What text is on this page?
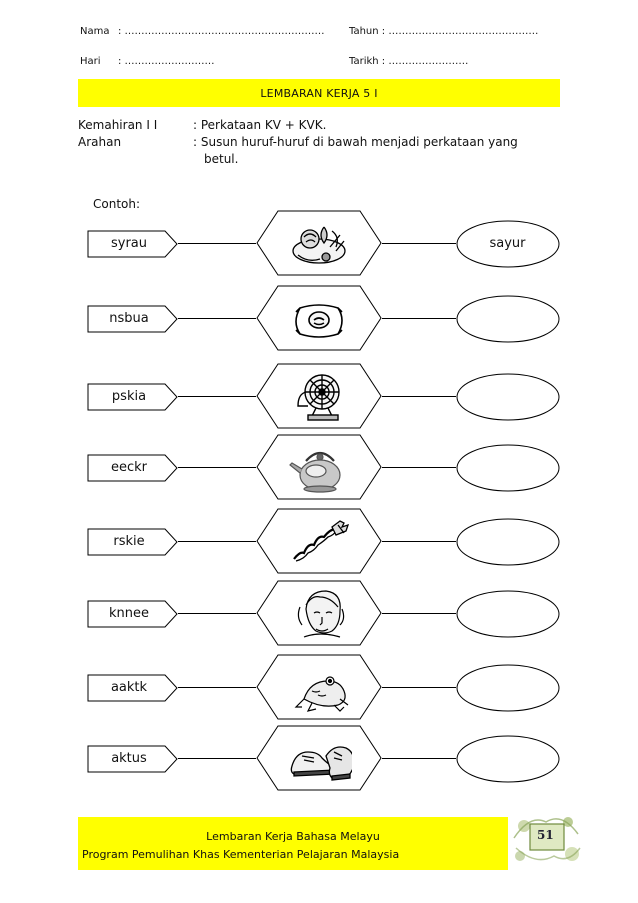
Nama : …………………………………………………… Tahun : ………………………………………
Hari : ………………………	Tarikh : ……………………
LEMBARAN KERJA 5 I
Kemahiran I I	: Perkataan KV + KVK.
Arahan	: Susun huruf-huruf di bawah menjadi perkataan yang
betul.
Contoh:
syrau	sayur
nsbua
pskia
eeckr
rskie
knnee
aaktk
aktus
Lembaran Kerja Bahasa Melayu
Program Pemulihan Khas Kementerian Pelajaran Malaysia
51
